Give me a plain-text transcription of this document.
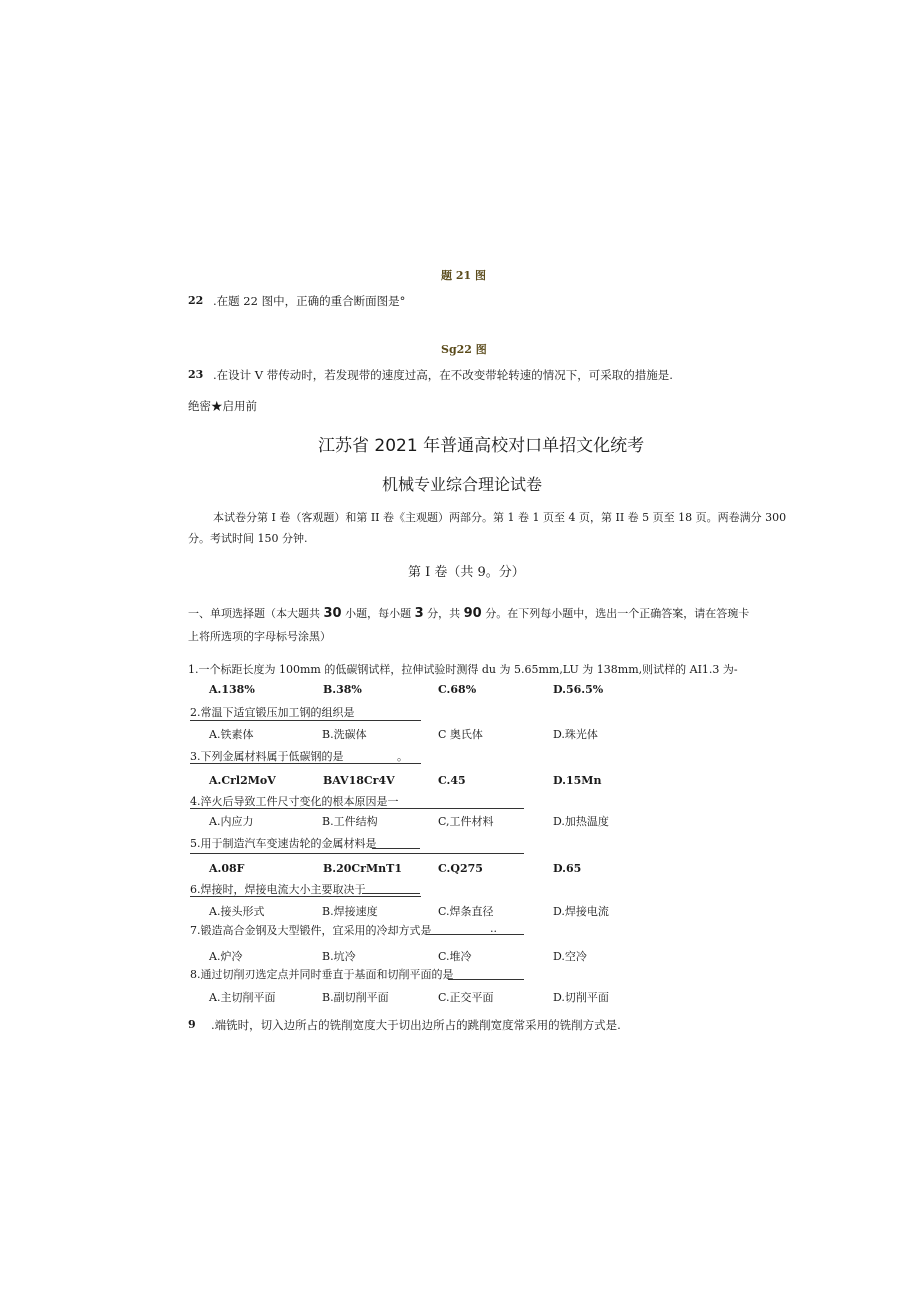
题 21 图
22 .在题 22 图中，正确的重合断面图是°
Sg22 图
23 .在设计 V 带传动时，若发现带的速度过高，在不改变带轮转速的情况下，可采取的措施是.
绝密★启用前
江苏省 2021 年普通高校对口单招文化统考
机械专业综合理论试卷
本试卷分第 I 卷（客观题）和第 II 卷《主观题）两部分。第 1 卷 1 页至 4 页，第 II 卷 5 页至 18 页。两卷满分 300
分。考试时间 150 分钟.
第 I 卷（共 9。分）
一、单项选择题（本大题共 30 小题，每小题 3 分，共 90 分。在下列每小题中，选出一个正确答案，请在答琬卡
上将所选项的字母标号涂黑）
1.一个标距长度为 100mm 的低碳钢试样，拉伸试验时测得 du 为 5.65mm,LU 为 138mm,则试样的 AI1.3 为-
A.138%	B.38%	C.68%	D.56.5%
2.常温下适宜锻压加工钢的组织是
A.铁素体	B.洗碳体	C 奥氏体	D.珠光体
3.下列金属材料属于低碳钢的是	。
A.Crl2MoV	BAV18Cr4V	C.45	D.15Mn
4.淬火后导致工件尺寸变化的根本原因是一
A.内应力	B.工件结构	C,工件材料	D.加热温度
5.用于制造汽车变速齿轮的金属材料是
A.08F	B.20CrMnT1	C.Q275	D.65
6.焊接时，焊接电流大小主要取决于
A.接头形式	B.焊接速度	C.焊条直径	D.焊接电流
7.锻造高合金钢及大型锻件，宜采用的冷却方式是	..
A.炉冷	B.坑冷	C.堆冷	D.空冷
8.通过切削刃选定点并同时垂直于基面和切削平面的是
A.主切削平面	B.副切削平面	C.正交平面	D.切削平面
9 .端铣时，切入边所占的铣削宽度大于切出边所占的跳削宽度常采用的铣削方式是.
